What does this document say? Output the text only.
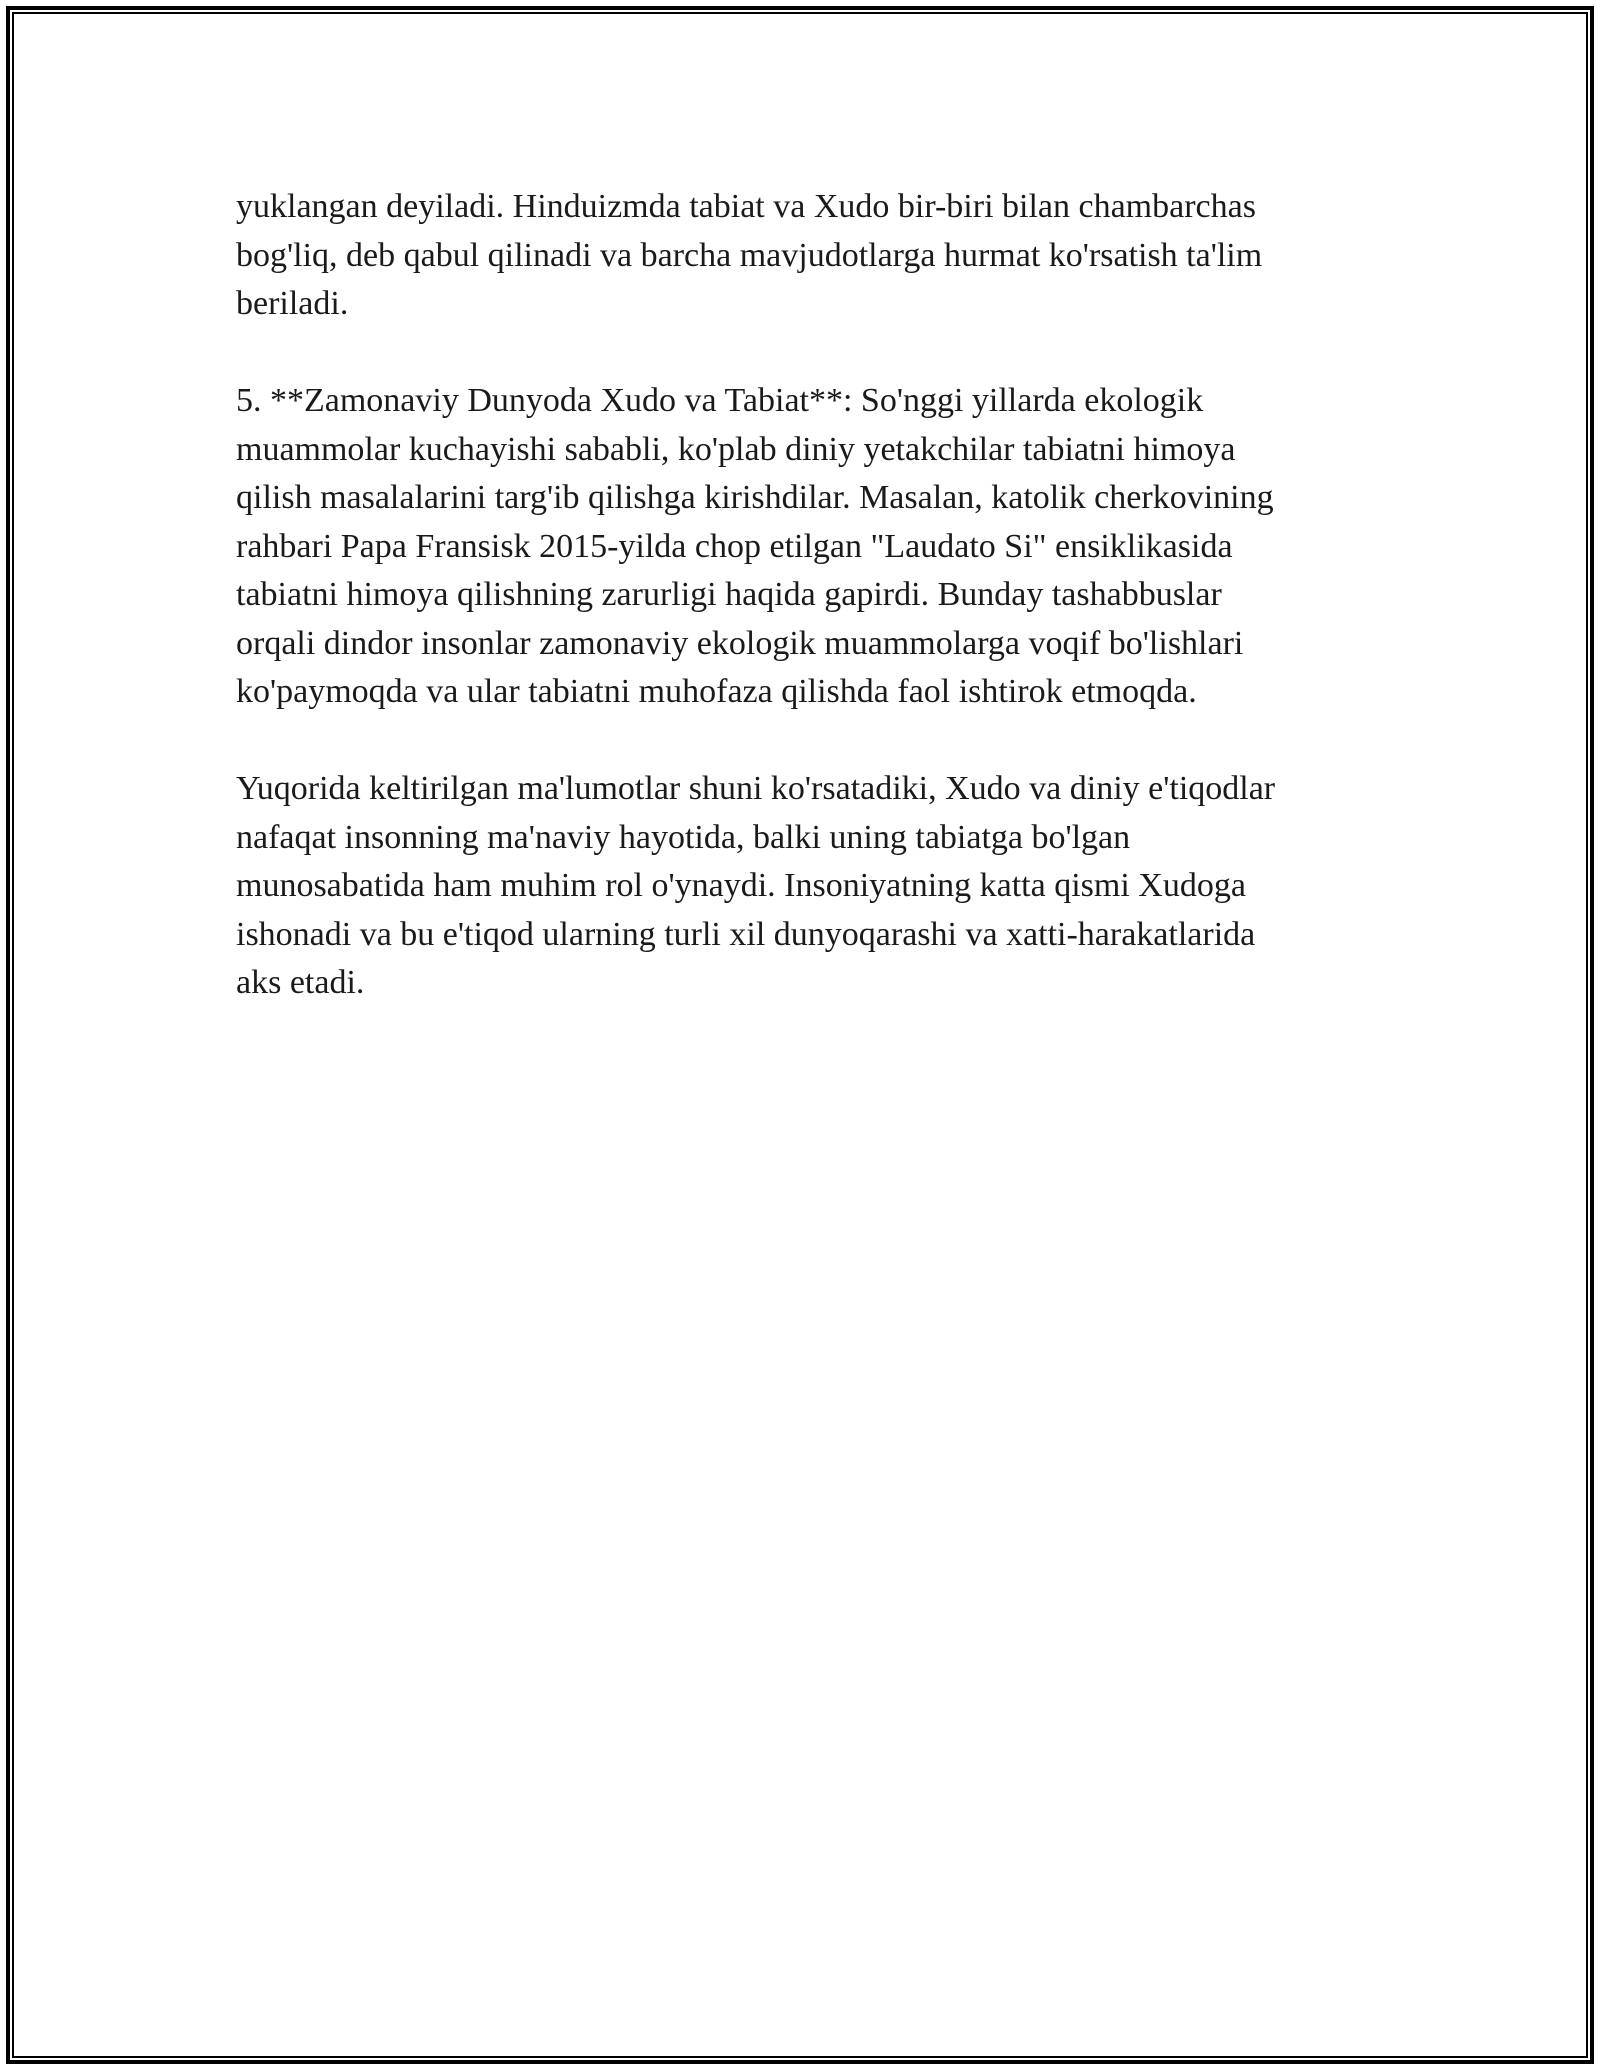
yuklangan deyiladi. Hinduizmda tabiat va Xudo bir-biri bilan chambarchas
bog'liq, deb qabul qilinadi va barcha mavjudotlarga hurmat ko'rsatish ta'lim
beriladi.

5. **Zamonaviy Dunyoda Xudo va Tabiat**: So'nggi yillarda ekologik
muammolar kuchayishi sababli, ko'plab diniy yetakchilar tabiatni himoya
qilish masalalarini targ'ib qilishga kirishdilar. Masalan, katolik cherkovining
rahbari Papa Fransisk 2015-yilda chop etilgan "Laudato Si" ensiklikasida
tabiatni himoya qilishning zarurligi haqida gapirdi. Bunday tashabbuslar
orqali dindor insonlar zamonaviy ekologik muammolarga voqif bo'lishlari
ko'paymoqda va ular tabiatni muhofaza qilishda faol ishtirok etmoqda.

Yuqorida keltirilgan ma'lumotlar shuni ko'rsatadiki, Xudo va diniy e'tiqodlar
nafaqat insonning ma'naviy hayotida, balki uning tabiatga bo'lgan
munosabatida ham muhim rol o'ynaydi. Insoniyatning katta qismi Xudoga
ishonadi va bu e'tiqod ularning turli xil dunyoqarashi va xatti-harakatlarida
aks etadi.
